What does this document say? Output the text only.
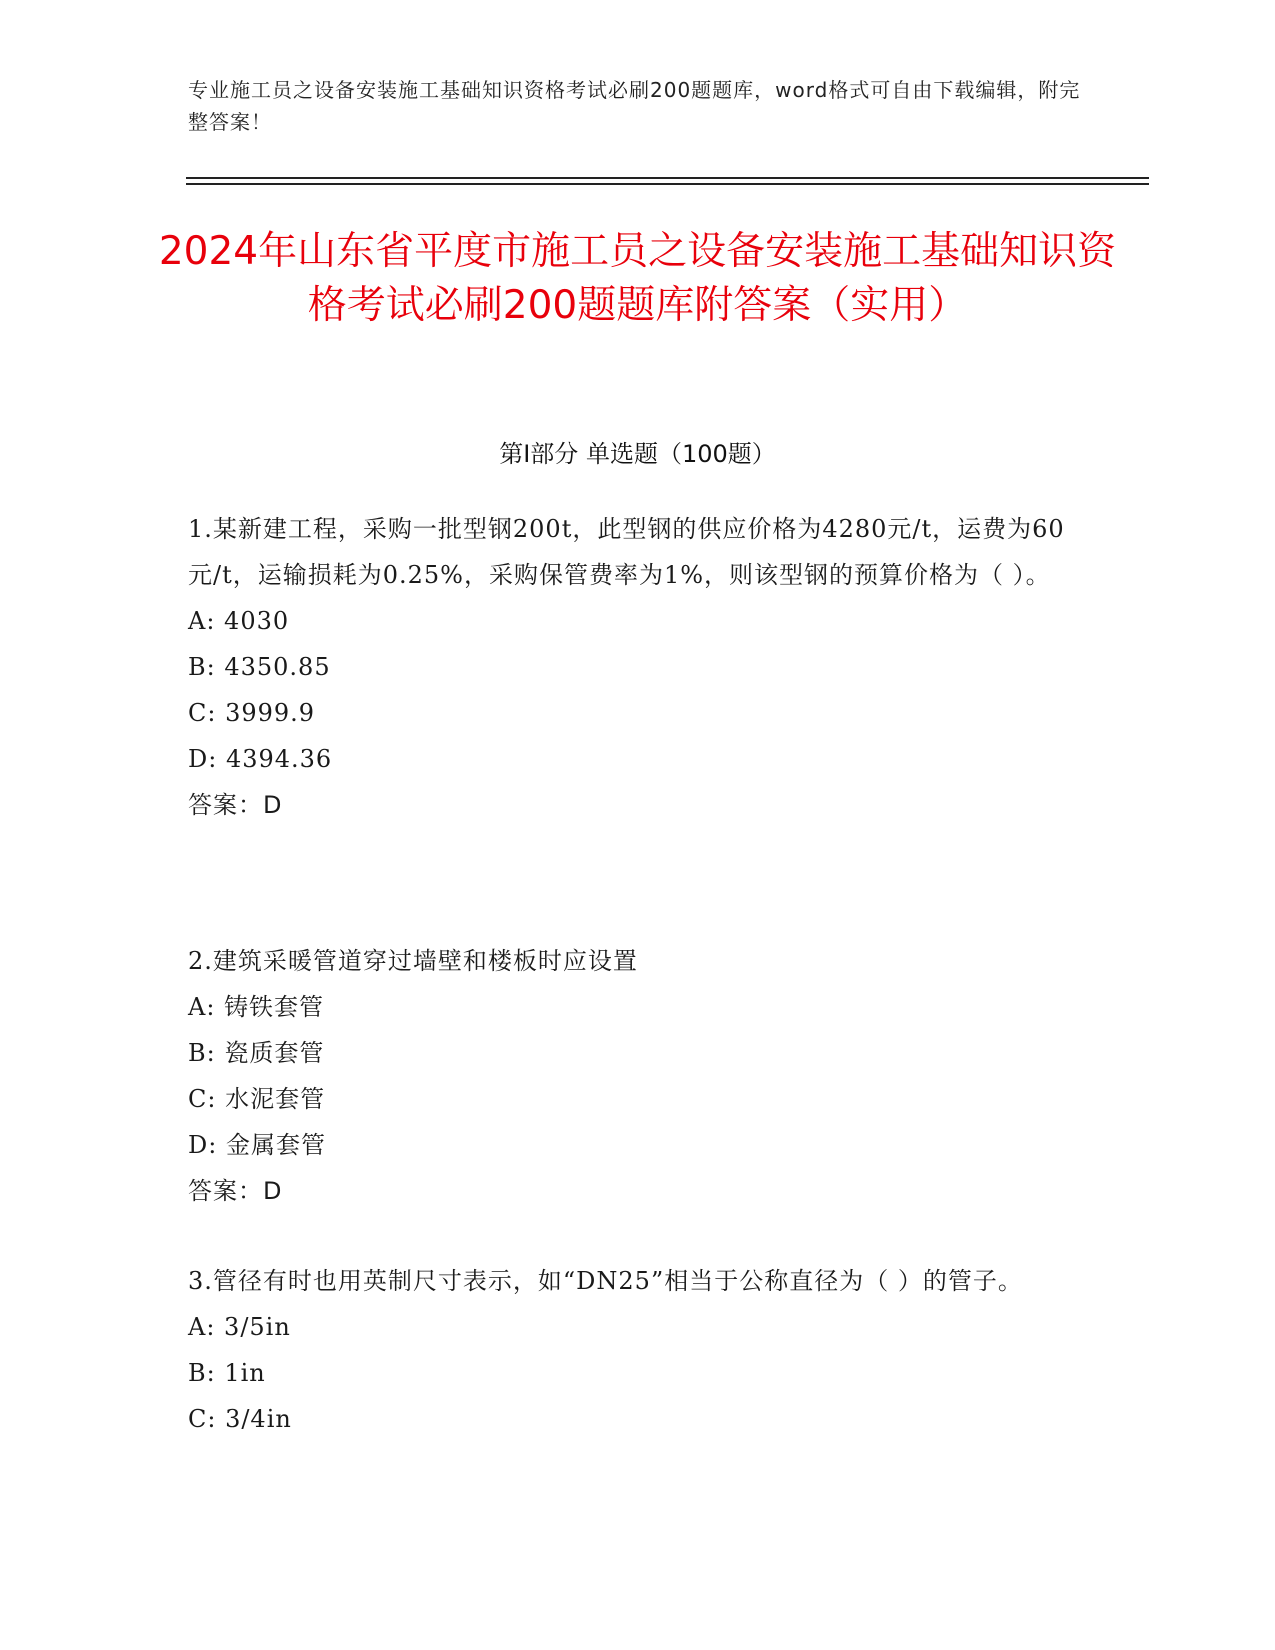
专业施工员之设备安装施工基础知识资格考试必刷200题题库，word格式可自由下载编辑，附完整答案！
2024年山东省平度市施工员之设备安装施工基础知识资格考试必刷200题题库附答案（实用）
第I部分 单选题（100题）
1.某新建工程，采购一批型钢200t，此型钢的供应价格为4280元/t，运费为60元/t，运输损耗为0.25%，采购保管费率为1%，则该型钢的预算价格为（ ）。
A: 4030
B: 4350.85
C: 3999.9
D: 4394.36
答案：D
2.建筑采暖管道穿过墙壁和楼板时应设置
A: 铸铁套管
B: 瓷质套管
C: 水泥套管
D: 金属套管
答案：D
3.管径有时也用英制尺寸表示，如“DN25”相当于公称直径为（ ）的管子。
A: 3/5in
B: 1in
C: 3/4in
